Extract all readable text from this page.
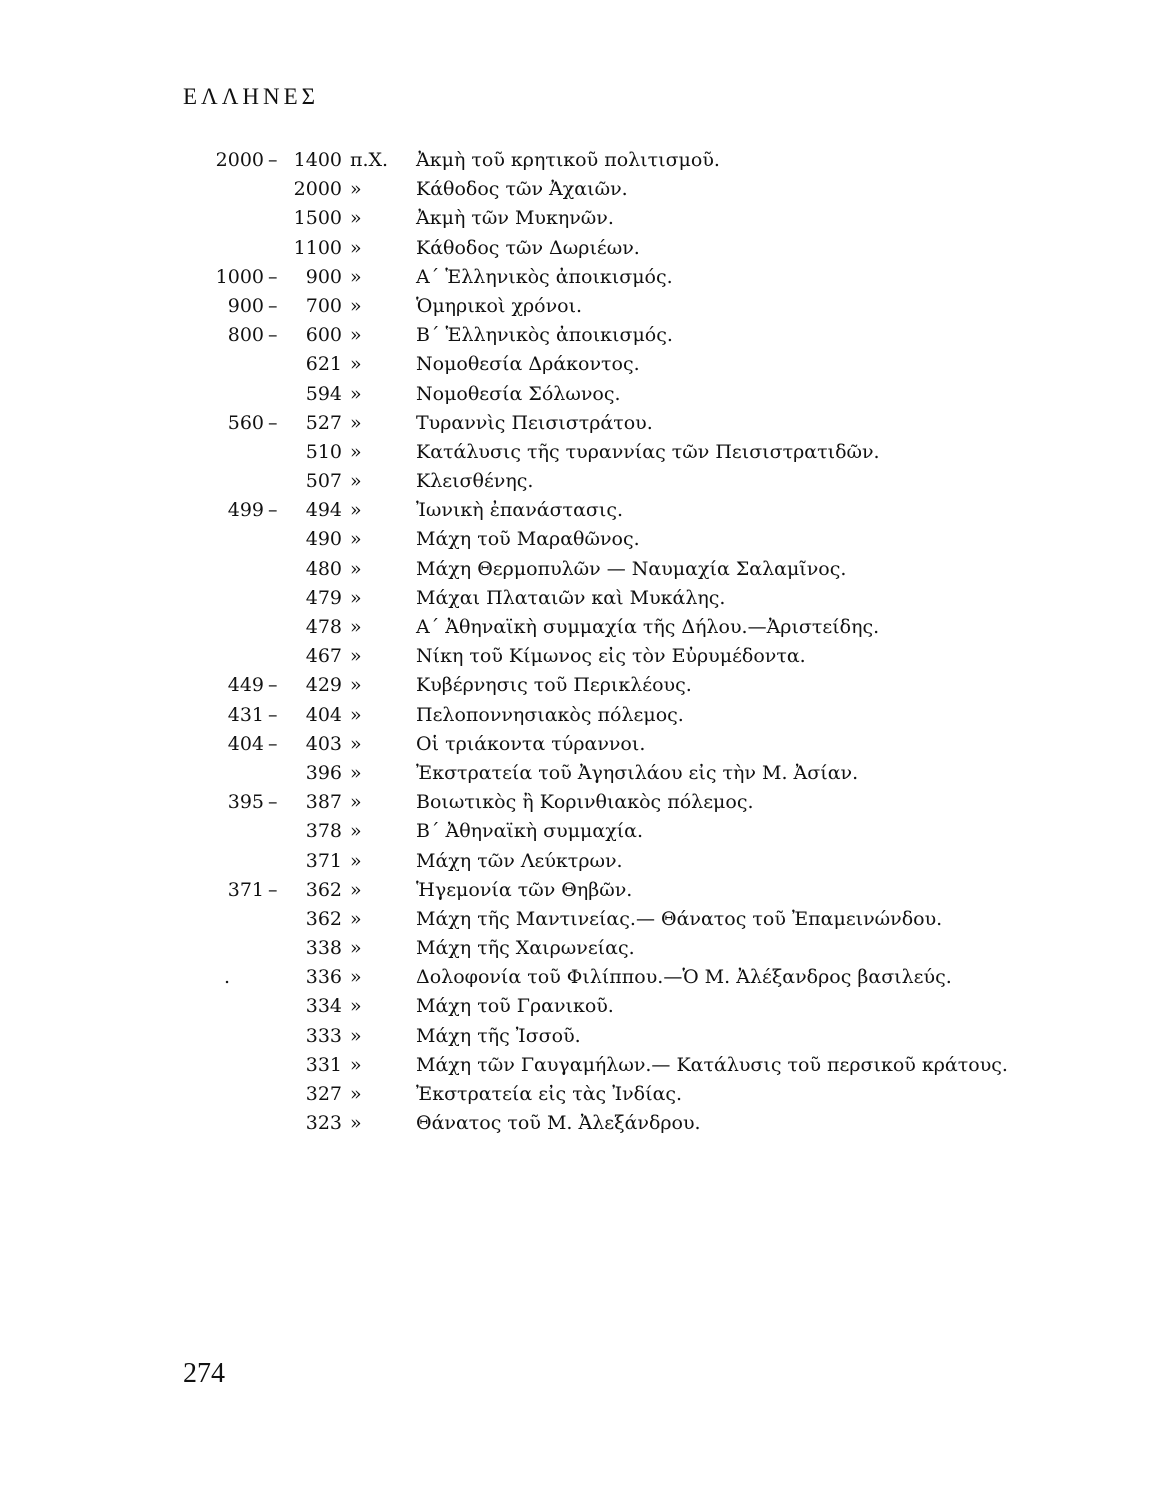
ΕΛΛΗΝΕΣ
2000 – 1400 π.Χ. Ἀκμὴ τοῦ κρητικοῦ πολιτισμοῦ.
2000 »	Κάθοδος τῶν Ἀχαιῶν.
1500 »	Ἀκμὴ τῶν Μυκηνῶν.
1100 »	Κάθοδος τῶν Δωριέων.
1000 – 900 »	Α΄ Ἑλληνικὸς ἀποικισμός.
900 – 700 »	Ὁμηρικοὶ χρόνοι.
800 – 600 »	Β΄ Ἑλληνικὸς ἀποικισμός.
621 »	Νομοθεσία Δράκοντος.
594 »	Νομοθεσία Σόλωνος.
560 – 527 »	Τυραννὶς Πεισιστράτου.
510 »	Κατάλυσις τῆς τυραννίας τῶν Πεισιστρατιδῶν.
507 »	Κλεισθένης.
499 – 494 »	Ἰωνικὴ ἐπανάστασις.
490 »	Μάχη τοῦ Μαραθῶνος.
480 »	Μάχη Θερμοπυλῶν — Ναυμαχία Σαλαμῖνος.
479 »	Μάχαι Πλαταιῶν καὶ Μυκάλης.
478 »	Α΄ Ἀθηναϊκὴ συμμαχία τῆς Δήλου.—Ἀριστείδης.
467 »	Νίκη τοῦ Κίμωνος εἰς τὸν Εὐρυμέδοντα.
449 – 429 »	Κυβέρνησις τοῦ Περικλέους.
431 – 404 »	Πελοποννησιακὸς πόλεμος.
404 – 403 »	Οἱ τριάκοντα τύραννοι.
396 »	Ἐκστρατεία τοῦ Ἀγησιλάου εἰς τὴν Μ. Ἀσίαν.
395 – 387 »	Βοιωτικὸς ἢ Κορινθιακὸς πόλεμος.
378 »	Β΄ Ἀθηναϊκὴ συμμαχία.
371 »	Μάχη τῶν Λεύκτρων.
371 – 362 »	Ἡγεμονία τῶν Θηβῶν.
362 »	Μάχη τῆς Μαντινείας.— Θάνατος τοῦ Ἐπαμεινώνδου.
338 »	Μάχη τῆς Χαιρωνείας.
.	336 »	Δολοφονία τοῦ Φιλίππου.—Ὁ Μ. Ἀλέξανδρος βασιλεύς.
334 »	Μάχη τοῦ Γρανικοῦ.
333 »	Μάχη τῆς Ἰσσοῦ.
331 »	Μάχη τῶν Γαυγαμήλων.— Κατάλυσις τοῦ περσικοῦ κράτους.
327 »	Ἐκστρατεία εἰς τὰς Ἰνδίας.
323 »	Θάνατος τοῦ Μ. Ἀλεξάνδρου.
274
